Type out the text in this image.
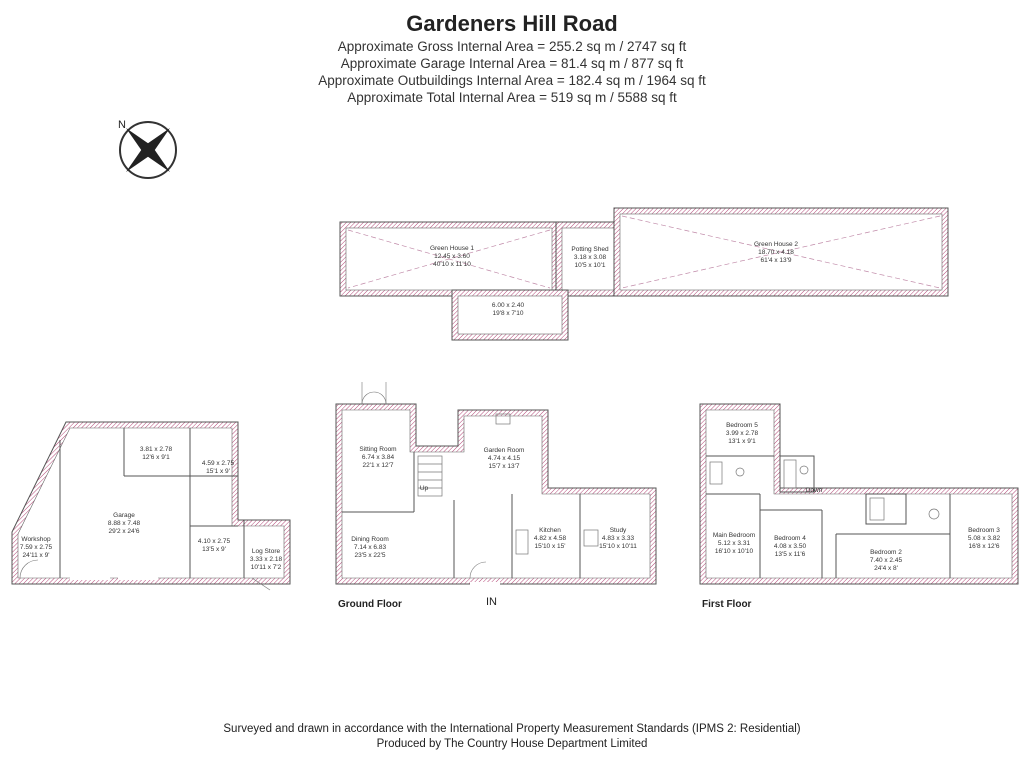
Gardeners Hill Road
Approximate Gross Internal Area = 255.2 sq m / 2747 sq ft
Approximate Garage Internal Area = 81.4 sq m / 877 sq ft
Approximate Outbuildings Internal Area = 182.4 sq m / 1964 sq ft
Approximate Total Internal Area = 519 sq m / 5588 sq ft
N
Green House 1
12.45 x 3.60
40'10 x 11'10
Potting Shed
3.18 x 3.08
10'5 x 10'1
Green House 2
18.70 x 4.18
61'4 x 13'9
6.00 x 2.40
19'8 x 7'10
3.81 x 2.78
12'6 x 9'1
4.59 x 2.75
15'1 x 9'
Garage
8.88 x 7.48
29'2 x 24'6
Workshop
7.59 x 2.75
24'11 x 9'
4.10 x 2.75
13'5 x 9'	Log Store
3.33 x 2.18
10'11 x 7'2
Sitting Room
6.74 x 3.84
22'1 x 12'7
Garden Room
4.74 x 4.15
15'7 x 13'7
Dining Room
7.14 x 6.83
23'5 x 22'5
Kitchen
4.82 x 4.58
15'10 x 15'
Study
4.83 x 3.33
15'10 x 10'11
Bedroom 5
3.99 x 2.78
13'1 x 9'1
Main Bedroom
5.12 x 3.31
16'10 x 10'10
Bedroom 4
4.08 x 3.50
13'5 x 11'6	Bedroom 2
7.40 x 2.45
24'4 x 8'
Bedroom 3
5.08 x 3.82
16'8 x 12'6
Ground Floor	IN	First Floor
Up	Down
Surveyed and drawn in accordance with the International Property Measurement Standards (IPMS 2: Residential)
Produced by The Country House Department Limited
